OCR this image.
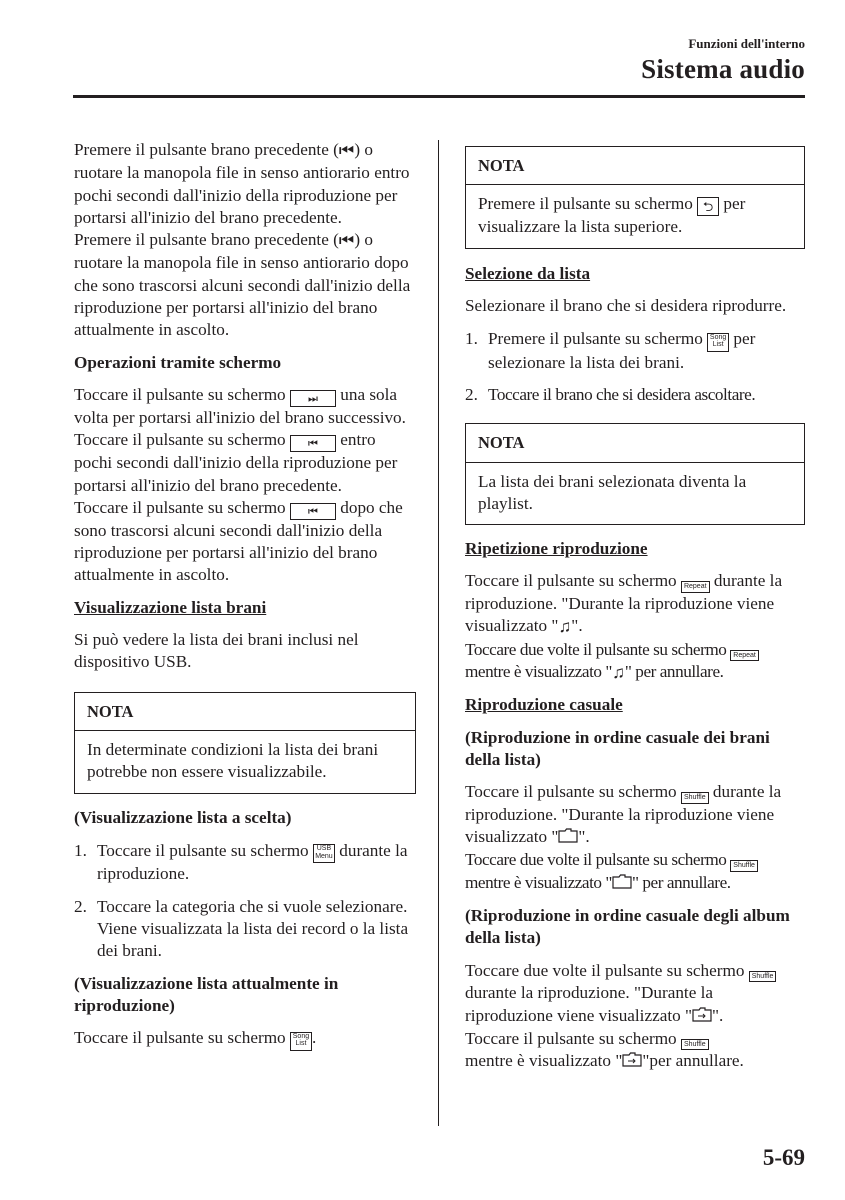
Funzioni dell'interno
Sistema audio

Premere il pulsante brano precedente (⏮) o ruotare la manopola file in senso antiorario entro pochi secondi dall'inizio della riproduzione per portarsi all'inizio del brano precedente.

Premere il pulsante brano precedente (⏮) o ruotare la manopola file in senso antiorario dopo che sono trascorsi alcuni secondi dall'inizio della riproduzione per portarsi all'inizio del brano attualmente in ascolto.

Operazioni tramite schermo

Toccare il pulsante su schermo ⏭ una sola volta per portarsi all'inizio del brano successivo.

Toccare il pulsante su schermo ⏮ entro pochi secondi dall'inizio della riproduzione per portarsi all'inizio del brano precedente.

Toccare il pulsante su schermo ⏮ dopo che sono trascorsi alcuni secondi dall'inizio della riproduzione per portarsi all'inizio del brano attualmente in ascolto.

Visualizzazione lista brani

Si può vedere la lista dei brani inclusi nel dispositivo USB.

NOTA
In determinate condizioni la lista dei brani potrebbe non essere visualizzabile.

(Visualizzazione lista a scelta)

1. Toccare il pulsante su schermo USB
Menu durante la riproduzione.
2. Toccare la categoria che si vuole selezionare. Viene visualizzata la lista dei record o la lista dei brani.

(Visualizzazione lista attualmente in riproduzione)

Toccare il pulsante su schermo Song
List .

NOTA
Premere il pulsante su schermo ⮌ per visualizzare la lista superiore.

Selezione da lista

Selezionare il brano che si desidera riprodurre.

1. Premere il pulsante su schermo Song
List per selezionare la lista dei brani.
2. Toccare il brano che si desidera ascoltare.
NOTA
La lista dei brani selezionata diventa la playlist.

Ripetizione riproduzione

Toccare il pulsante su schermo Repeat durante la riproduzione. "Durante la riproduzione viene visualizzato "♫".
Toccare due volte il pulsante su schermo Repeat
mentre è visualizzato "♫" per annullare.

Riproduzione casuale

(Riproduzione in ordine casuale dei brani della lista)

Toccare il pulsante su schermo Shuffle durante la riproduzione. "Durante la riproduzione viene visualizzato " ".
Toccare due volte il pulsante su schermo Shuffle
mentre è visualizzato " " per annullare.

(Riproduzione in ordine casuale degli album della lista)

Toccare due volte il pulsante su schermo Shuffle durante la riproduzione. "Durante la riproduzione viene visualizzato " ".
Toccare il pulsante su schermo Shuffle
mentre è visualizzato " "per annullare.

5-69
